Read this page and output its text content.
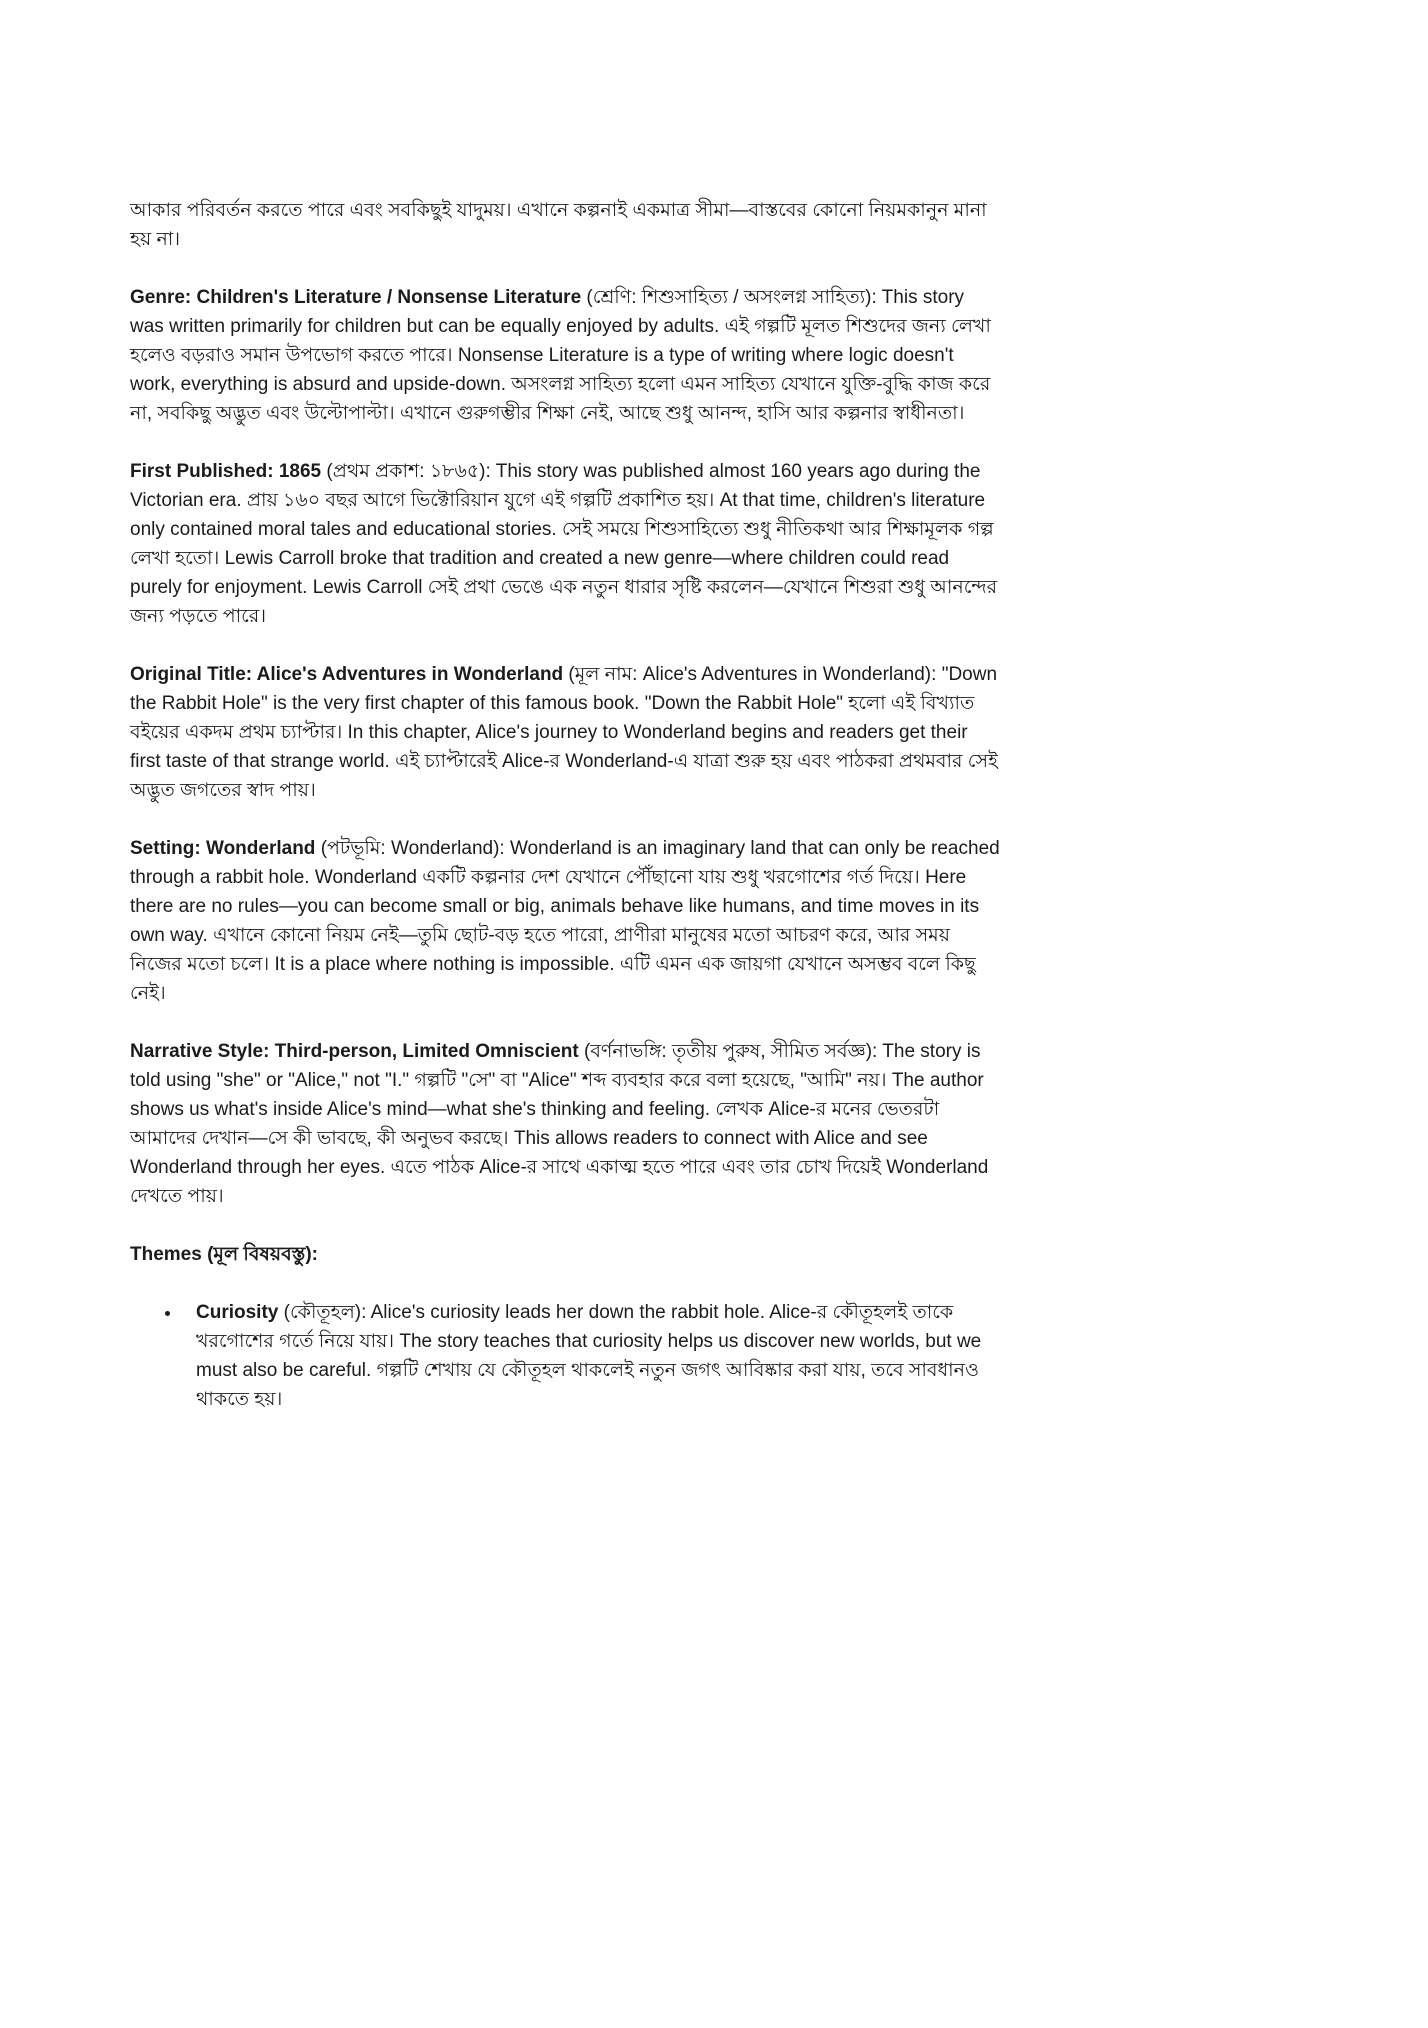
আকার পরিবর্তন করতে পারে এবং সবকিছুই যাদুময়। এখানে কল্পনাই একমাত্র সীমা—বাস্তবের কোনো নিয়মকানুন মানা হয় না।

Genre: Children's Literature / Nonsense Literature (শ্রেণি: শিশুসাহিত্য / অসংলগ্ন সাহিত্য): This story was written primarily for children but can be equally enjoyed by adults. এই গল্পটি মূলত শিশুদের জন্য লেখা হলেও বড়রাও সমান উপভোগ করতে পারে। Nonsense Literature is a type of writing where logic doesn't work, everything is absurd and upside-down. অসংলগ্ন সাহিত্য হলো এমন সাহিত্য যেখানে যুক্তি-বুদ্ধি কাজ করে না, সবকিছু অদ্ভুত এবং উল্টোপাল্টা। এখানে গুরুগম্ভীর শিক্ষা নেই, আছে শুধু আনন্দ, হাসি আর কল্পনার স্বাধীনতা।

First Published: 1865 (প্রথম প্রকাশ: ১৮৬৫): This story was published almost 160 years ago during the Victorian era. প্রায় ১৬০ বছর আগে ভিক্টোরিয়ান যুগে এই গল্পটি প্রকাশিত হয়। At that time, children's literature only contained moral tales and educational stories. সেই সময়ে শিশুসাহিত্যে শুধু নীতিকথা আর শিক্ষামূলক গল্প লেখা হতো। Lewis Carroll broke that tradition and created a new genre—where children could read purely for enjoyment. Lewis Carroll সেই প্রথা ভেঙে এক নতুন ধারার সৃষ্টি করলেন—যেখানে শিশুরা শুধু আনন্দের জন্য পড়তে পারে।

Original Title: Alice's Adventures in Wonderland (মূল নাম: Alice's Adventures in Wonderland): "Down the Rabbit Hole" is the very first chapter of this famous book. "Down the Rabbit Hole" হলো এই বিখ্যাত বইয়ের একদম প্রথম চ্যাপ্টার। In this chapter, Alice's journey to Wonderland begins and readers get their first taste of that strange world. এই চ্যাপ্টারেই Alice-র Wonderland-এ যাত্রা শুরু হয় এবং পাঠকরা প্রথমবার সেই অদ্ভুত জগতের স্বাদ পায়।

Setting: Wonderland (পটভূমি: Wonderland): Wonderland is an imaginary land that can only be reached through a rabbit hole. Wonderland একটি কল্পনার দেশ যেখানে পৌঁছানো যায় শুধু খরগোশের গর্ত দিয়ে। Here there are no rules—you can become small or big, animals behave like humans, and time moves in its own way. এখানে কোনো নিয়ম নেই—তুমি ছোট-বড় হতে পারো, প্রাণীরা মানুষের মতো আচরণ করে, আর সময় নিজের মতো চলে। It is a place where nothing is impossible. এটি এমন এক জায়গা যেখানে অসম্ভব বলে কিছু নেই।

Narrative Style: Third-person, Limited Omniscient (বর্ণনাভঙ্গি: তৃতীয় পুরুষ, সীমিত সর্বজ্ঞ): The story is told using "she" or "Alice," not "I." গল্পটি "সে" বা "Alice" শব্দ ব্যবহার করে বলা হয়েছে, "আমি" নয়। The author shows us what's inside Alice's mind—what she's thinking and feeling. লেখক Alice-র মনের ভেতরটা আমাদের দেখান—সে কী ভাবছে, কী অনুভব করছে। This allows readers to connect with Alice and see Wonderland through her eyes. এতে পাঠক Alice-র সাথে একাত্ম হতে পারে এবং তার চোখ দিয়েই Wonderland দেখতে পায়।

Themes (মূল বিষয়বস্তু):

• Curiosity (কৌতূহল): Alice's curiosity leads her down the rabbit hole. Alice-র কৌতূহলই তাকে খরগোশের গর্তে নিয়ে যায়। The story teaches that curiosity helps us discover new worlds, but we must also be careful. গল্পটি শেখায় যে কৌতূহল থাকলেই নতুন জগৎ আবিষ্কার করা যায়, তবে সাবধানও থাকতে হয়।
